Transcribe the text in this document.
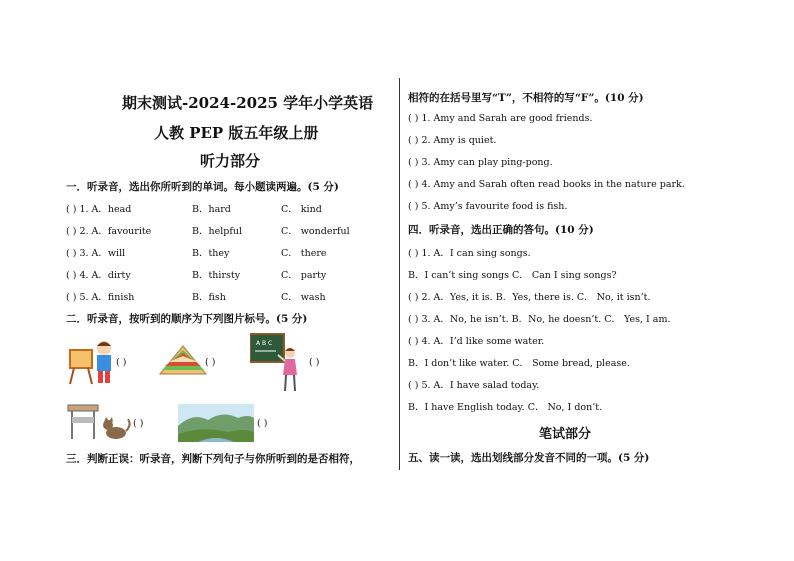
期末测试-2024-2025 学年小学英语
人教 PEP 版五年级上册
听力部分
一．听录音，选出你所听到的单词。每小题读两遍。(5 分)
( ) 1. A．head	B．hard	C． kind
( ) 2. A．favourite	B．helpful	C． wonderful
( ) 3. A．will	B．they	C． there
( ) 4. A．dirty	B．thirsty	C． party
( ) 5. A．finish	B．fish	C． wash
二．听录音，按听到的顺序为下列图片标号。(5 分)
( )	( )
A B C
( )
( )	( )
三．判断正误：听录音，判断下列句子与你所听到的是否相符，
相符的在括号里写“T”，不相符的写“F”。(10 分)
( ) 1. Amy and Sarah are good friends.
( ) 2. Amy is quiet.
( ) 3. Amy can play ping-pong.
( ) 4. Amy and Sarah often read books in the nature park.
( ) 5. Amy’s favourite food is fish.
四．听录音，选出正确的答句。(10 分)
( ) 1. A．I can sing songs.
B．I can’t sing songs C． Can I sing songs?
( ) 2. A．Yes, it is. B．Yes, there is. C． No, it isn’t.
( ) 3. A．No, he isn’t. B．No, he doesn’t. C． Yes, I am.
( ) 4. A．I’d like some water.
B．I don’t like water. C． Some bread, please.
( ) 5. A．I have salad today.
B．I have English today. C． No, I don’t.
笔试部分
五、读一读，选出划线部分发音不同的一项。(5 分)
